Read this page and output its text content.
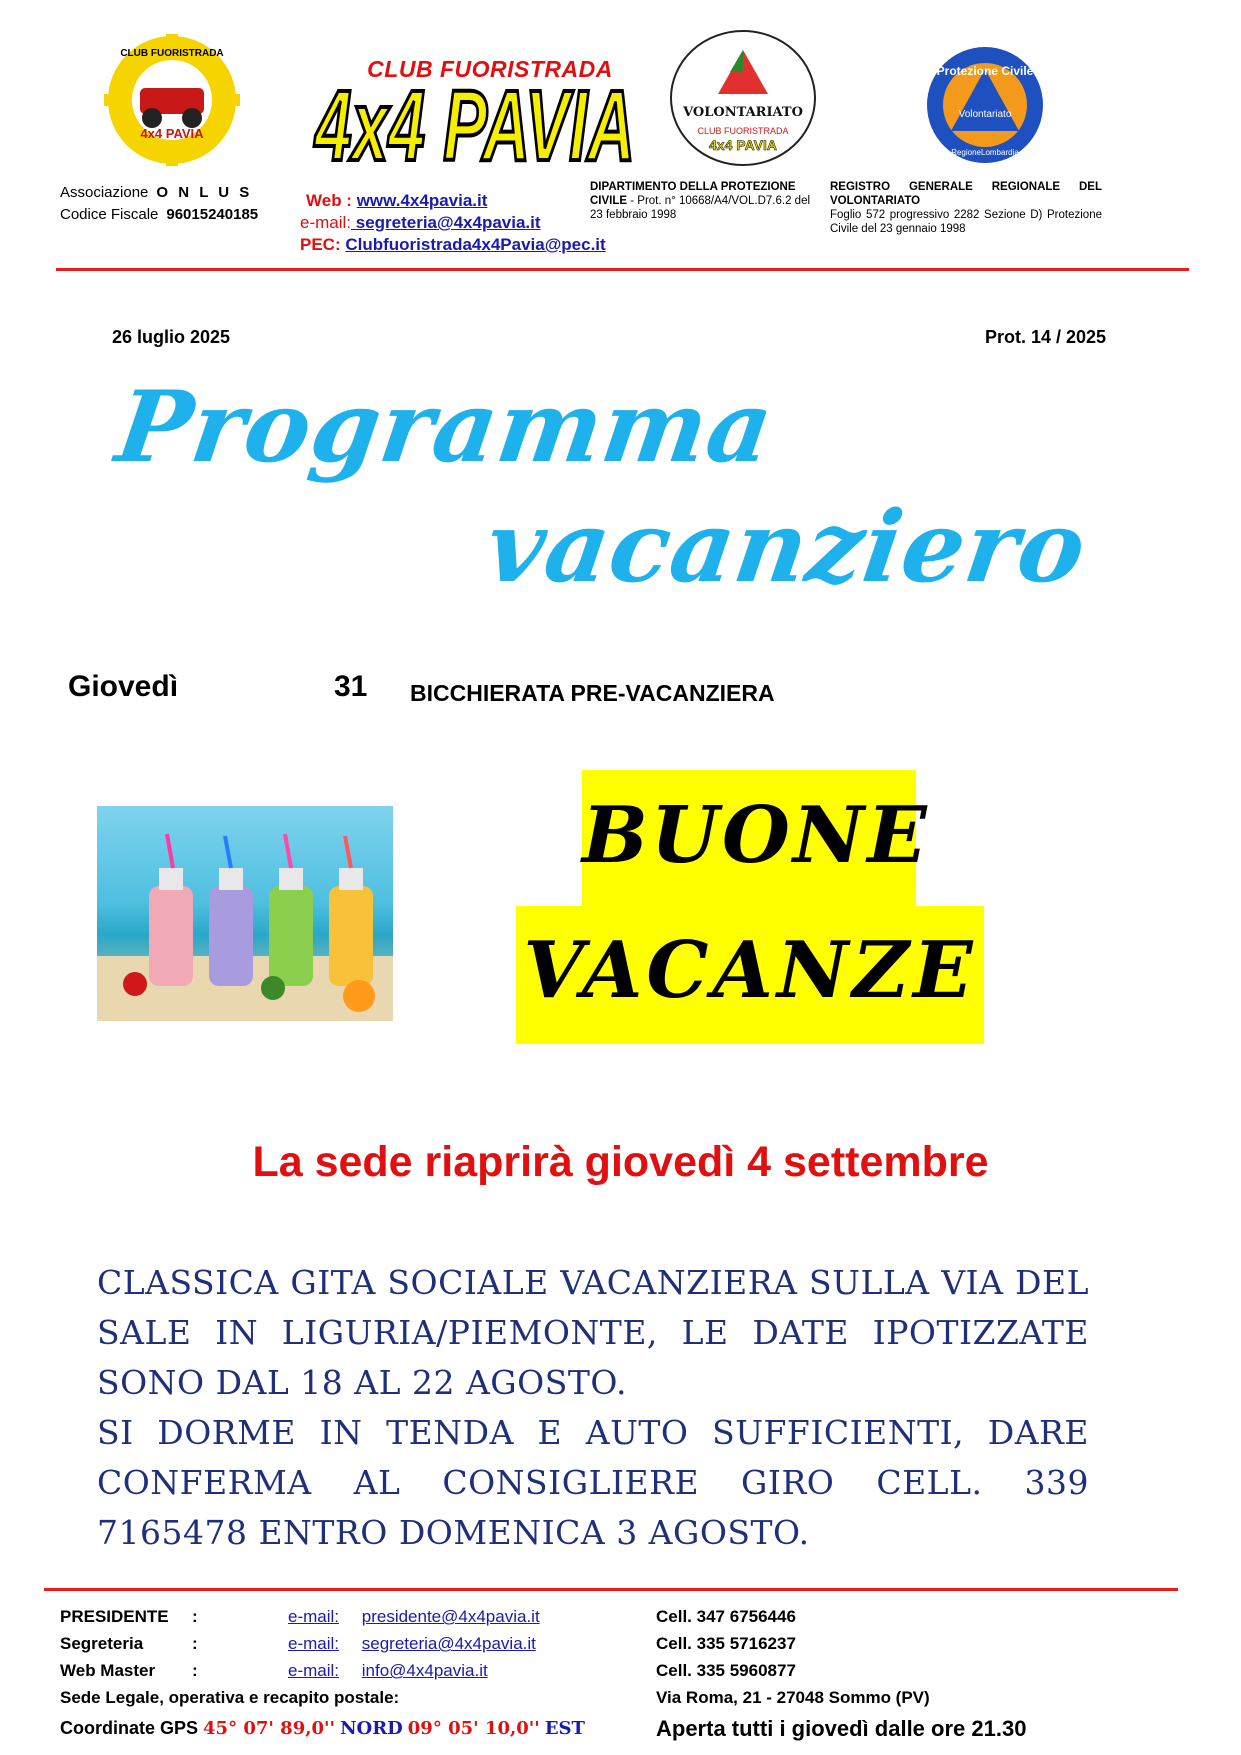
4x4 PAVIA
CLUB FUORISTRADA
CLUB FUORISTRADA
4x4 PAVIA	VOLONTARIATO
CLUB FUORISTRADA
4x4 PAVIA
Protezione Civile
Volontariato
RegioneLombardia
Associazione O N L U S
Codice Fiscale 96015240185
Web : www.4x4pavia.it
e-mail: segreteria@4x4pavia.it
PEC: Clubfuoristrada4x4Pavia@pec.it
DIPARTIMENTO DELLA PROTEZIONE CIVILE - Prot. n° 10668/A4/VOL.D7.6.2 del 23 febbraio 1998
REGISTRO GENERALE REGIONALE DEL VOLONTARIATO
Foglio 572 progressivo 2282 Sezione D) Protezione Civile del 23 gennaio 1998
26 luglio 2025	Prot. 14 / 2025
Programma
vacanziero
Giovedì	31 BICCHIERATA PRE-VACANZIERA
BUONE
VACANZE
La sede riaprirà giovedì 4 settembre

CLASSICA GITA SOCIALE VACANZIERA SULLA VIA DEL SALE IN LIGURIA/PIEMONTE, LE DATE IPOTIZZATE SONO DAL 18 AL 22 AGOSTO.

SI DORME IN TENDA E AUTO SUFFICIENTI, DARE CONFERMA AL CONSIGLIERE GIRO CELL. 339 7165478 ENTRO DOMENICA 3 AGOSTO.

PRESIDENTE :	e-mail: presidente@4x4pavia.it	Cell. 347 6756446
Segreteria	:	e-mail: segreteria@4x4pavia.it	Cell. 335 5716237
Web Master :	e-mail: info@4x4pavia.it	Cell. 335 5960877
Sede Legale, operativa e recapito postale:	Via Roma, 21 - 27048 Sommo (PV)
Coordinate GPS 45° 07' 89,0'' NORD 09° 05' 10,0'' EST	Aperta tutti i giovedì dalle ore 21.30
